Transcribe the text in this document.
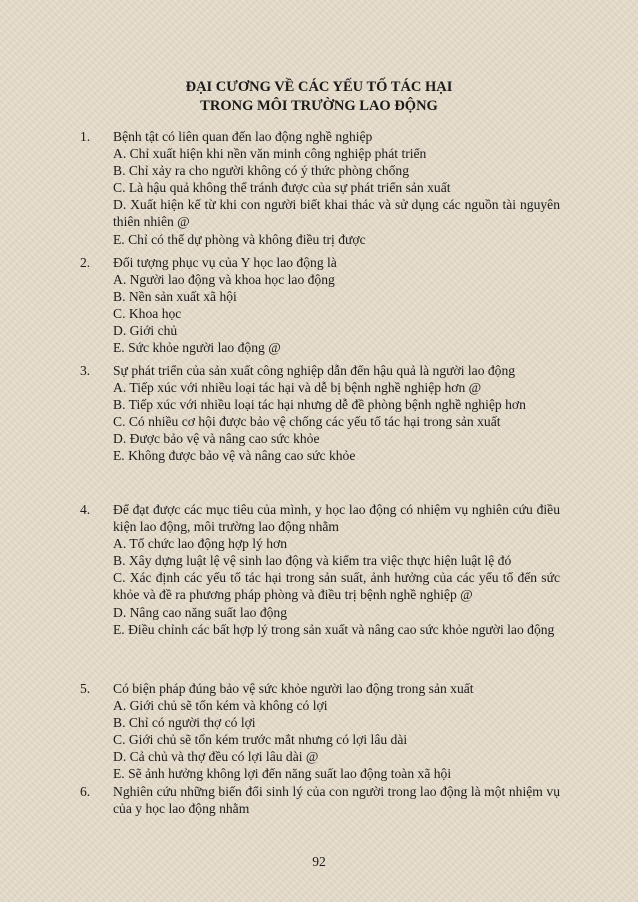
ĐẠI CƯƠNG VỀ CÁC YẾU TỐ TÁC HẠI
TRONG MÔI TRƯỜNG LAO ĐỘNG
1. Bệnh tật có liên quan đến lao động nghề nghiệp
A. Chỉ xuất hiện khi nền văn minh công nghiệp phát triển
B. Chỉ xảy ra cho người không có ý thức phòng chống
C. Là hậu quả không thể tránh được của sự phát triển sản xuất
D. Xuất hiện kể từ khi con người biết khai thác và sử dụng các nguồn tài nguyên thiên nhiên @
E. Chỉ có thể dự phòng và không điều trị được
2. Đối tượng phục vụ của Y học lao động là
A. Người lao động và khoa học lao động
B. Nền sản xuất xã hội
C. Khoa học
D. Giới chủ
E. Sức khỏe người lao động @
3. Sự phát triển của sản xuất công nghiệp dẫn đến hậu quả là người lao động
A. Tiếp xúc với nhiều loại tác hại và dễ bị bệnh nghề nghiệp hơn @
B. Tiếp xúc với nhiều loại tác hại nhưng dễ đề phòng bệnh nghề nghiệp hơn
C. Có nhiều cơ hội được bảo vệ chống các yếu tố tác hại trong sản xuất
D. Được bảo vệ và nâng cao sức khỏe
E. Không được bảo vệ và nâng cao sức khỏe
4. Để đạt được các mục tiêu của mình, y học lao động có nhiệm vụ nghiên cứu điều kiện lao động, môi trường lao động nhằm
A. Tổ chức lao động hợp lý hơn
B. Xây dựng luật lệ vệ sinh lao động và kiểm tra việc thực hiện luật lệ đó
C. Xác định các yếu tố tác hại trong sản suất, ảnh hưởng của các yếu tố đến sức khỏe và đề ra phương pháp phòng và điều trị bệnh nghề nghiệp @
D. Nâng cao năng suất lao động
E. Điều chỉnh các bất hợp lý trong sản xuất và nâng cao sức khỏe người lao động
5. Có biện pháp đúng bảo vệ sức khỏe người lao động trong sản xuất
A. Giới chủ sẽ tốn kém và không có lợi
B. Chỉ có người thợ có lợi
C. Giới chủ sẽ tốn kém trước mắt nhưng có lợi lâu dài
D. Cả chủ và thợ đều có lợi lâu dài @
E. Sẽ ảnh hưởng không lợi đến năng suất lao động toàn xã hội
6. Nghiên cứu những biến đổi sinh lý của con người trong lao động là một nhiệm vụ của y học lao động nhằm
92
